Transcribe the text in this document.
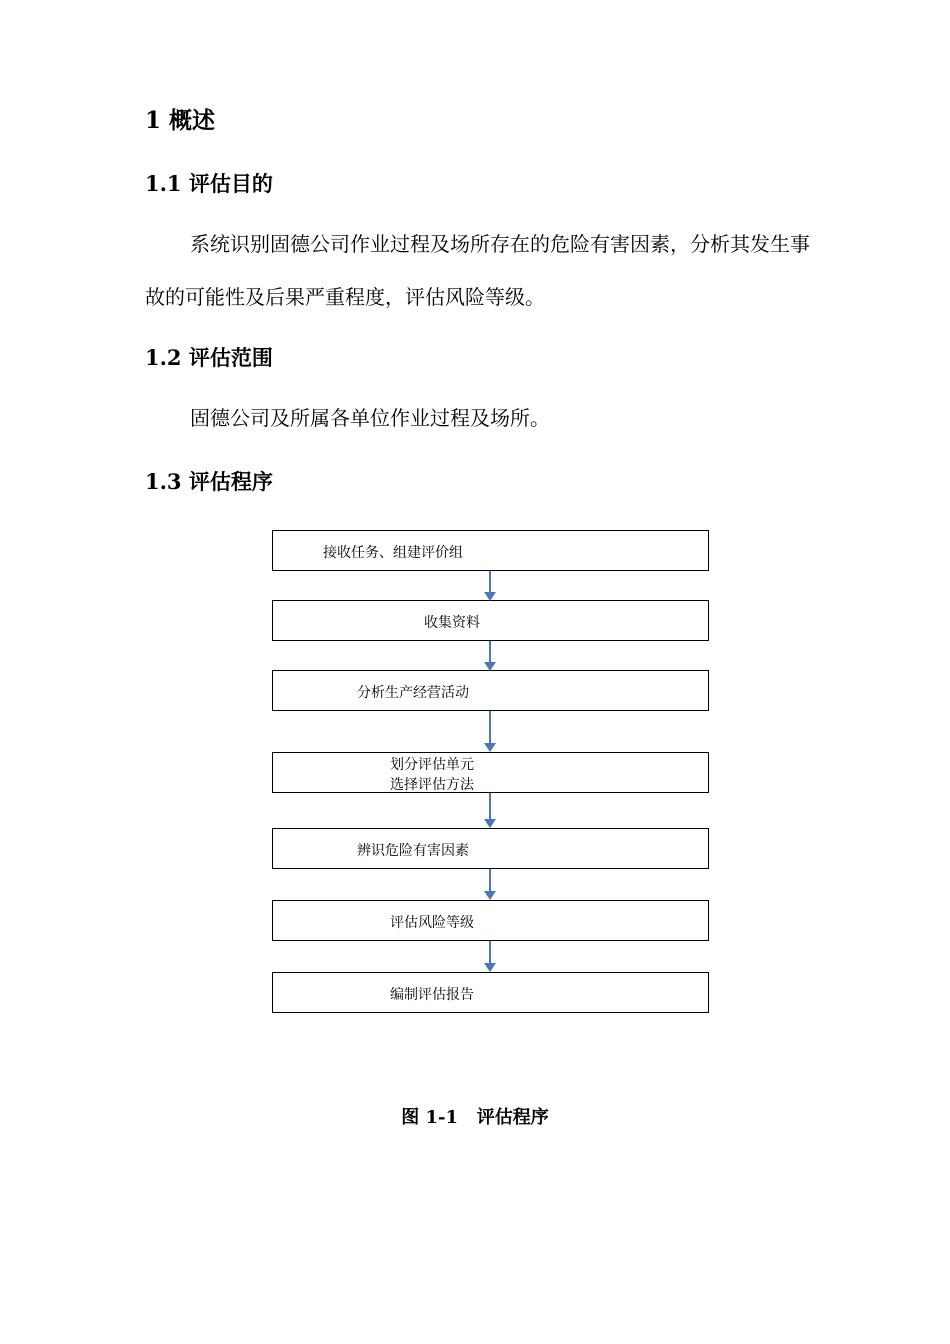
1 概述
1.1 评估目的

系统识别固德公司作业过程及场所存在的危险有害因素，分析其发生事故的可能性及后果严重程度，评估风险等级。

1.2 评估范围

固德公司及所属各单位作业过程及场所。

1.3 评估程序
接收任务、组建评价组
收集资料
分析生产经营活动
划分评估单元
选择评估方法
辨识危险有害因素
评估风险等级
编制评估报告

图 1-1   评估程序
